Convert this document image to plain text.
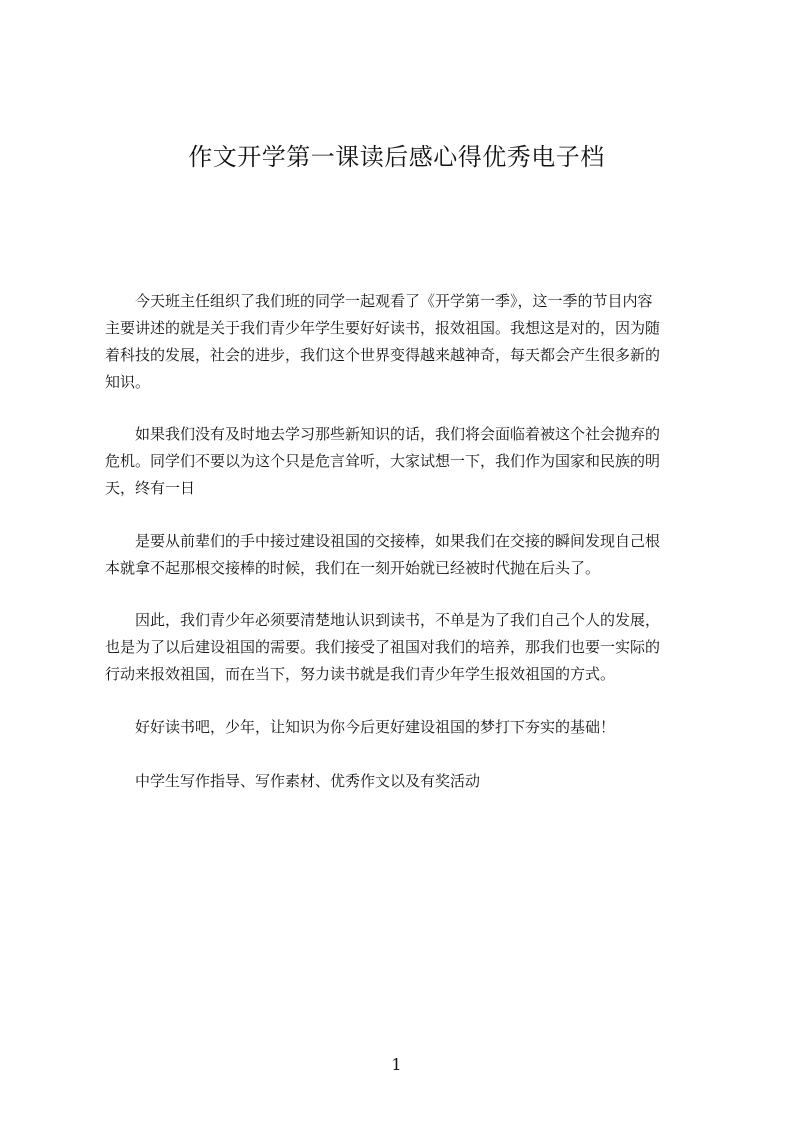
作文开学第一课读后感心得优秀电子档
　　今天班主任组织了我们班的同学一起观看了《开学第一季》，这一季的节目内容
主要讲述的就是关于我们青少年学生要好好读书，报效祖国。我想这是对的，因为随
着科技的发展，社会的进步，我们这个世界变得越来越神奇，每天都会产生很多新的
知识。
　　如果我们没有及时地去学习那些新知识的话，我们将会面临着被这个社会抛弃的
危机。同学们不要以为这个只是危言耸听，大家试想一下，我们作为国家和民族的明
天，终有一日
　　是要从前辈们的手中接过建设祖国的交接棒，如果我们在交接的瞬间发现自己根
本就拿不起那根交接棒的时候，我们在一刻开始就已经被时代抛在后头了。
　　因此，我们青少年必须要清楚地认识到读书，不单是为了我们自己个人的发展，
也是为了以后建设祖国的需要。我们接受了祖国对我们的培养，那我们也要一实际的
行动来报效祖国，而在当下，努力读书就是我们青少年学生报效祖国的方式。
　　好好读书吧，少年，让知识为你今后更好建设祖国的梦打下夯实的基础！
　　中学生写作指导、写作素材、优秀作文以及有奖活动
1
